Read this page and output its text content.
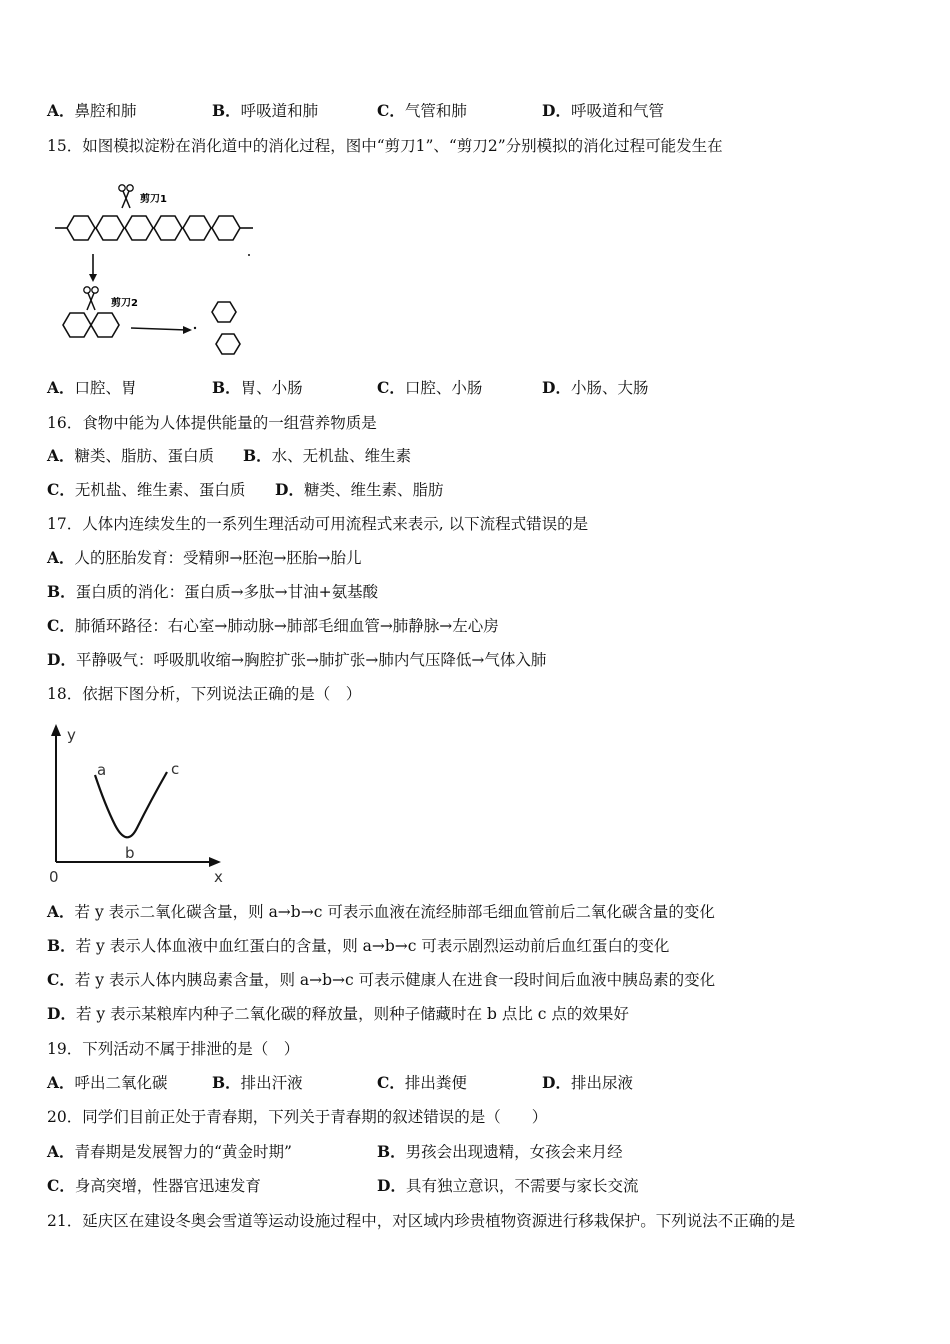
A．鼻腔和肺	B．呼吸道和肺	C．气管和肺	D．呼吸道和气管
15．如图模拟淀粉在消化道中的消化过程，图中“剪刀1”、“剪刀2”分别模拟的消化过程可能发生在
剪刀1
剪刀2
A．口腔、胃	B．胃、小肠	C．口腔、小肠	D．小肠、大肠
16．食物中能为人体提供能量的一组营养物质是
A．糖类、脂肪、蛋白质 B．水、无机盐、维生素
C．无机盐、维生素、蛋白质 D．糖类、维生素、脂肪
17．人体内连续发生的一系列生理活动可用流程式来表示, 以下流程式错误的是
A．人的胚胎发育：受精卵→胚泡→胚胎→胎儿
B．蛋白质的消化：蛋白质→多肽→甘油+氨基酸
C．肺循环路径：右心室→肺动脉→肺部毛细血管→肺静脉→左心房
D．平静吸气：呼吸肌收缩→胸腔扩张→肺扩张→肺内气压降低→气体入肺
18．依据下图分析，下列说法正确的是（　）
y
x
0
a
b
c
A．若 y 表示二氧化碳含量，则 a→b→c 可表示血液在流经肺部毛细血管前后二氧化碳含量的变化
B．若 y 表示人体血液中血红蛋白的含量，则 a→b→c 可表示剧烈运动前后血红蛋白的变化
C．若 y 表示人体内胰岛素含量，则 a→b→c 可表示健康人在进食一段时间后血液中胰岛素的变化
D．若 y 表示某粮库内种子二氧化碳的释放量，则种子储藏时在 b 点比 c 点的效果好
19．下列活动不属于排泄的是（　）
A．呼出二氧化碳	B．排出汗液	C．排出粪便	D．排出尿液
20．同学们目前正处于青春期，下列关于青春期的叙述错误的是（　　）
A．青春期是发展智力的“黄金时期”	B．男孩会出现遗精，女孩会来月经
C．身高突增，性器官迅速发育	D．具有独立意识，不需要与家长交流
21．延庆区在建设冬奥会雪道等运动设施过程中，对区域内珍贵植物资源进行移栽保护。下列说法不正确的是
